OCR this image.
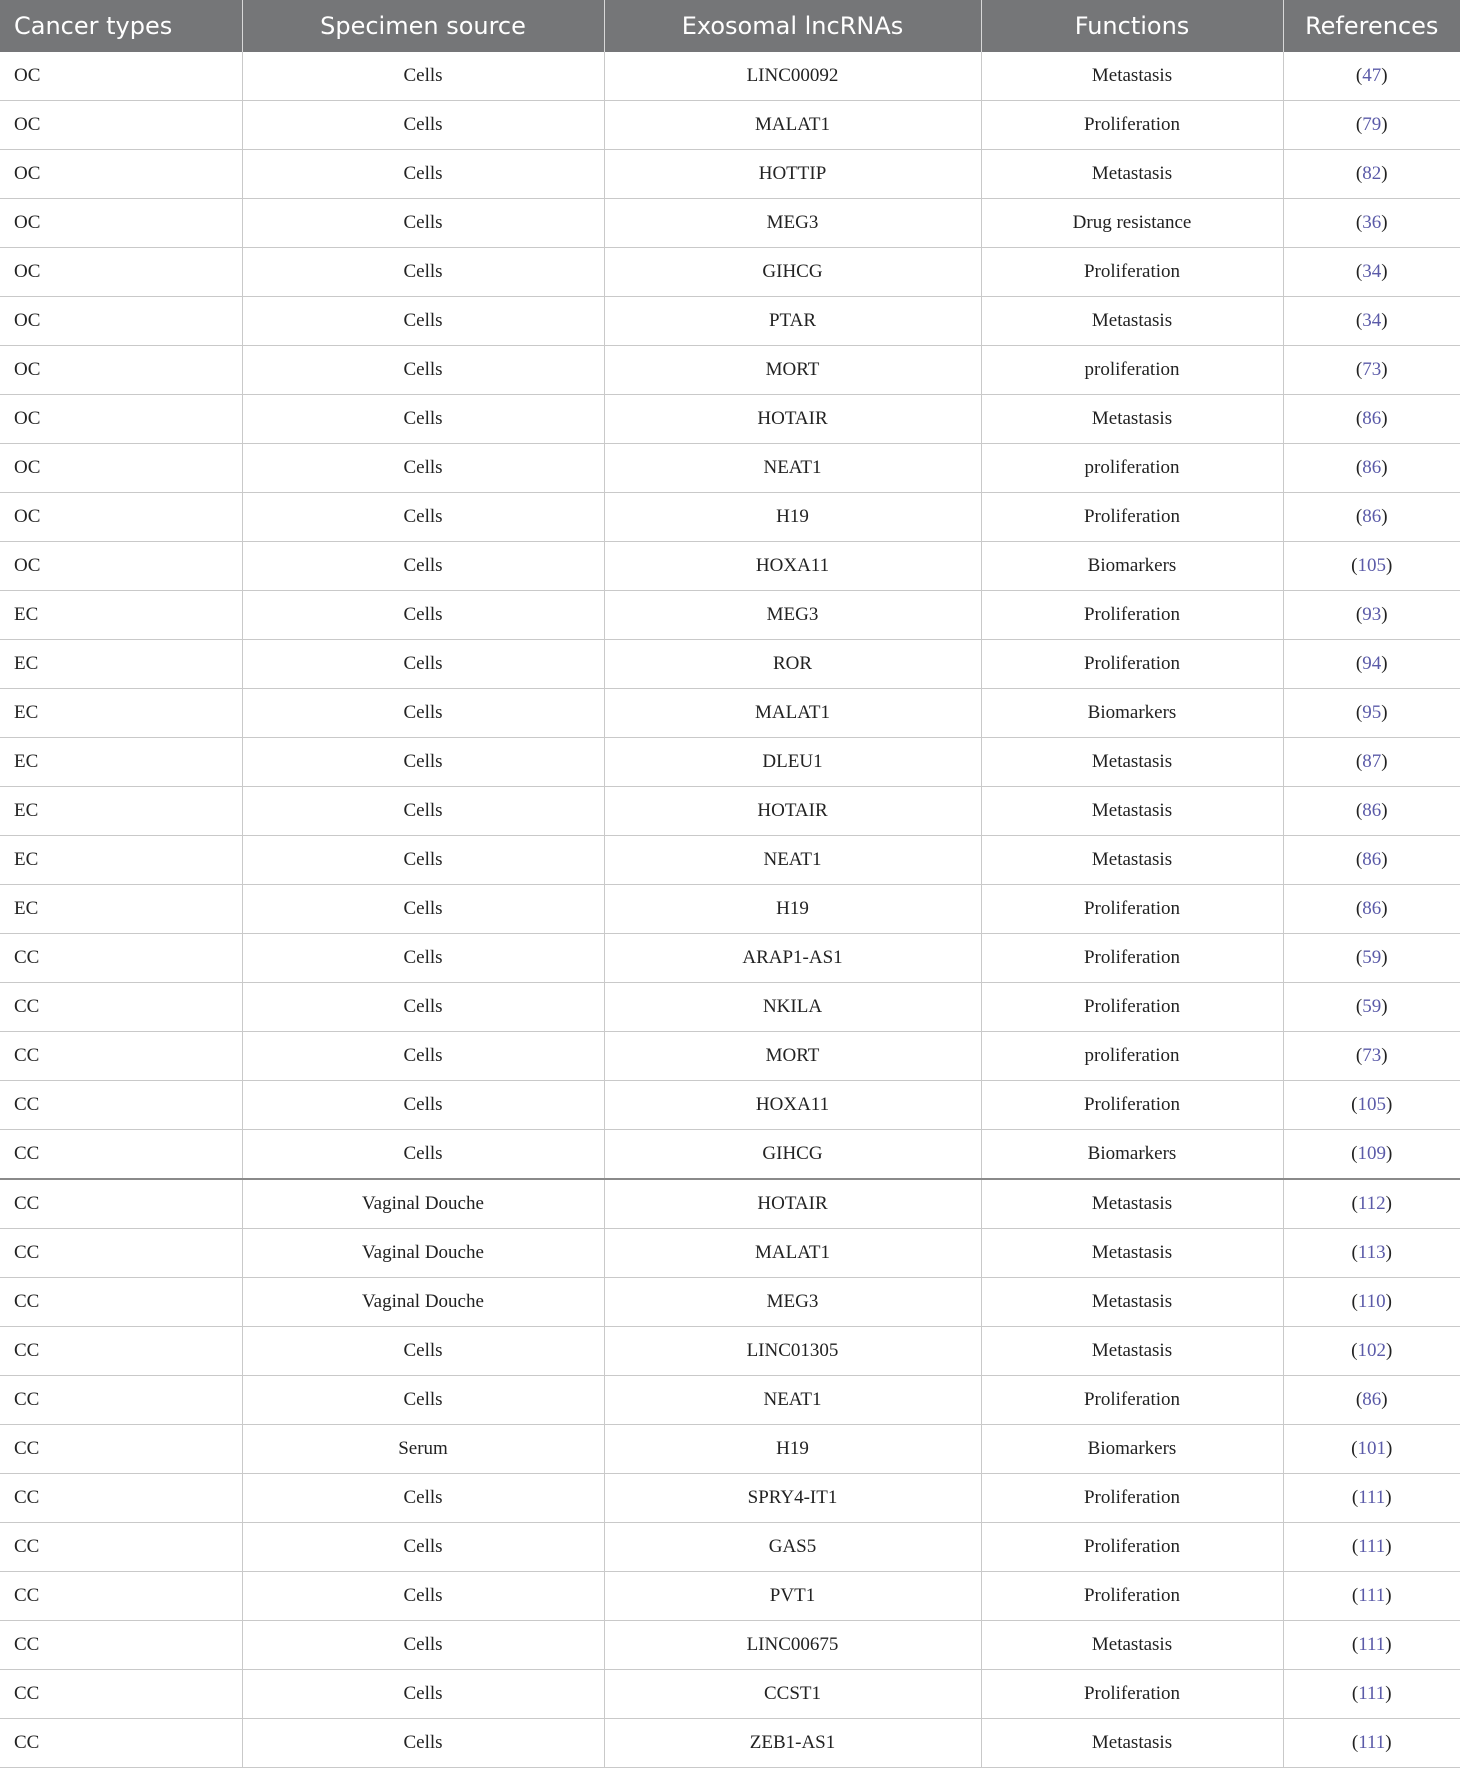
Cancer types	Specimen source	Exosomal lncRNAs	Functions	References
OC	Cells	LINC00092	Metastasis	(47)
OC	Cells	MALAT1	Proliferation	(79)
OC	Cells	HOTTIP	Metastasis	(82)
OC	Cells	MEG3	Drug resistance	(36)
OC	Cells	GIHCG	Proliferation	(34)
OC	Cells	PTAR	Metastasis	(34)
OC	Cells	MORT	proliferation	(73)
OC	Cells	HOTAIR	Metastasis	(86)
OC	Cells	NEAT1	proliferation	(86)
OC	Cells	H19	Proliferation	(86)
OC	Cells	HOXA11	Biomarkers	(105)
EC	Cells	MEG3	Proliferation	(93)
EC	Cells	ROR	Proliferation	(94)
EC	Cells	MALAT1	Biomarkers	(95)
EC	Cells	DLEU1	Metastasis	(87)
EC	Cells	HOTAIR	Metastasis	(86)
EC	Cells	NEAT1	Metastasis	(86)
EC	Cells	H19	Proliferation	(86)
CC	Cells	ARAP1-AS1	Proliferation	(59)
CC	Cells	NKILA	Proliferation	(59)
CC	Cells	MORT	proliferation	(73)
CC	Cells	HOXA11	Proliferation	(105)
CC	Cells	GIHCG	Biomarkers	(109)
CC	Vaginal Douche	HOTAIR	Metastasis	(112)
CC	Vaginal Douche	MALAT1	Metastasis	(113)
CC	Vaginal Douche	MEG3	Metastasis	(110)
CC	Cells	LINC01305	Metastasis	(102)
CC	Cells	NEAT1	Proliferation	(86)
CC	Serum	H19	Biomarkers	(101)
CC	Cells	SPRY4-IT1	Proliferation	(111)
CC	Cells	GAS5	Proliferation	(111)
CC	Cells	PVT1	Proliferation	(111)
CC	Cells	LINC00675	Metastasis	(111)
CC	Cells	CCST1	Proliferation	(111)
CC	Cells	ZEB1-AS1	Metastasis	(111)
